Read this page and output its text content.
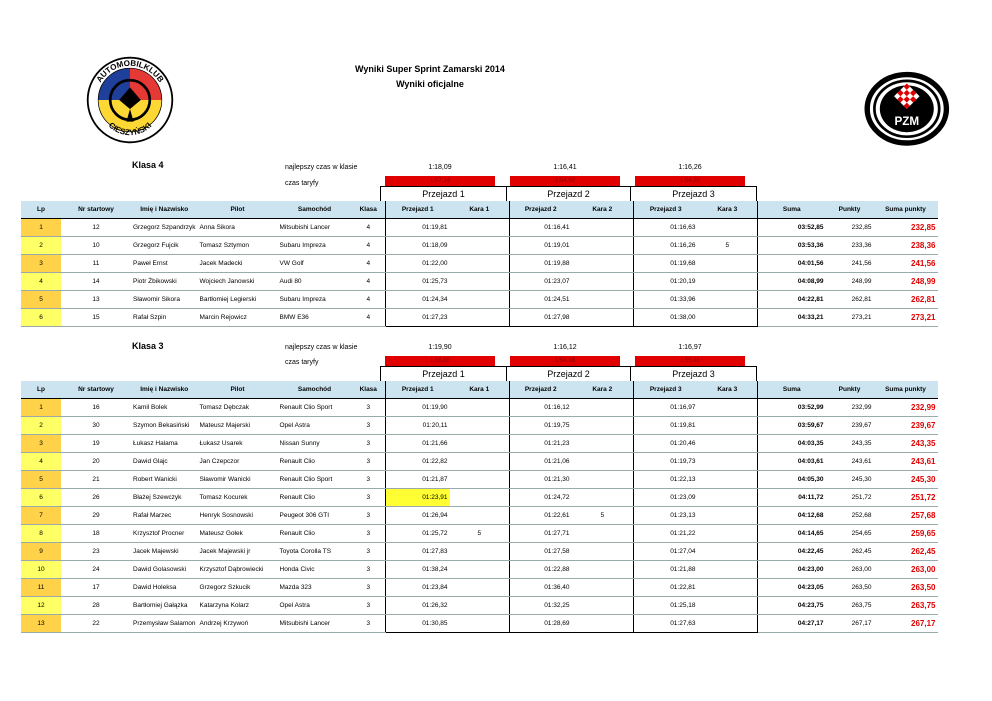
Wyniki Super Sprint Zamarski 2014
Wyniki oficjalne
AUTOMOBILKLUB
CIESZYŃSKI	PZM
Klasa 4	najlepszy czas w klasie
czas taryfy
1:18,09	1:16,41	1:16,26
1:57,14	1:54,62	1:54,39
Przejazd 1	Przejazd 2	Przejazd 3
Lp	Nr startowy	Imię i Nazwisko	Pilot	Samochód	Klasa	Przejazd 1	Kara 1	Przejazd 2	Kara 2	Przejazd 3	Kara 3	Suma	Punkty	Suma punkty
1	12	Grzegorz Szpandrzyk	Anna Sikora	Mitsubishi Lancer	4	01:19,81		01:16,41		01:16,63		03:52,85	232,85	232,85
2	10	Grzegorz Fujcik	Tomasz Sztymon	Subaru Impreza	4	01:18,09		01:19,01		01:16,26	5	03:53,36	233,36	238,36
3	11	Paweł Ernst	Jacek Madecki	VW Golf	4	01:22,00		01:19,88		01:19,68		04:01,56	241,56	241,56
4	14	Piotr Żbikowski	Wojciech Janowski	Audi 80	4	01:25,73		01:23,07		01:20,19		04:08,99	248,99	248,99
5	13	Sławomir Sikora	Bartłomiej Legierski	Subaru Impreza	4	01:24,34		01:24,51		01:33,96		04:22,81	262,81	262,81
6	15	Rafał Szpin	Marcin Rejowicz	BMW E36	4	01:27,23		01:27,98		01:38,00		04:33,21	273,21	273,21
Klasa 3	najlepszy czas w klasie
czas taryfy
1:19,90	1:16,12	1:16,97
1:59,85	1:54,18	1:55,46
Przejazd 1	Przejazd 2	Przejazd 3
Lp	Nr startowy	Imię i Nazwisko	Pilot	Samochód	Klasa	Przejazd 1	Kara 1	Przejazd 2	Kara 2	Przejazd 3	Kara 3	Suma	Punkty	Suma punkty
1	16	Kamil Bolek	Tomasz Dębczak	Renault Clio Sport	3	01:19,90		01:16,12		01:16,97		03:52,99	232,99	232,99
2	30	Szymon Bekasiński	Mateusz Majerski	Opel Astra	3	01:20,11		01:19,75		01:19,81		03:59,67	239,67	239,67
3	19	Łukasz Halama	Łukasz Usarek	Nissan Sunny	3	01:21,66		01:21,23		01:20,46		04:03,35	243,35	243,35
4	20	Dawid Glajc	Jan Czepczor	Renault Clio	3	01:22,82		01:21,06		01:19,73		04:03,61	243,61	243,61
5	21	Robert Wanicki	Sławomir Wanicki	Renault Clio Sport	3	01:21,87		01:21,30		01:22,13		04:05,30	245,30	245,30
6	26	Błażej Szewczyk	Tomasz Kocurek	Renault Clio	3	01:23,91		01:24,72		01:23,09		04:11,72	251,72	251,72
7	29	Rafał Marzec	Henryk Sosnowski	Peugeot 306 GTI	3	01:26,94		01:22,61	5	01:23,13		04:12,68	252,68	257,68
8	18	Krzysztof Procner	Mateusz Gołek	Renault Clio	3	01:25,72	5	01:27,71		01:21,22		04:14,65	254,65	259,65
9	23	Jacek Majewski	Jacek Majewski jr	Toyota Corolla TS	3	01:27,83		01:27,58		01:27,04		04:22,45	262,45	262,45
10	24	Dawid Golasowski	Krzysztof Dąbrowiecki	Honda Civic	3	01:38,24		01:22,88		01:21,88		04:23,00	263,00	263,00
11	17	Dawid Holeksa	Grzegorz Szkucik	Mazda 323	3	01:23,84		01:36,40		01:22,81		04:23,05	263,50	263,50
12	28	Bartłomiej Gałązka	Katarzyna Kolarz	Opel Astra	3	01:26,32		01:32,25		01:25,18		04:23,75	263,75	263,75
13	22	Przemysław Salamon	Andrzej Krzywoń	Mitsubishi Lancer	3	01:30,85		01:28,69		01:27,63		04:27,17	267,17	267,17
